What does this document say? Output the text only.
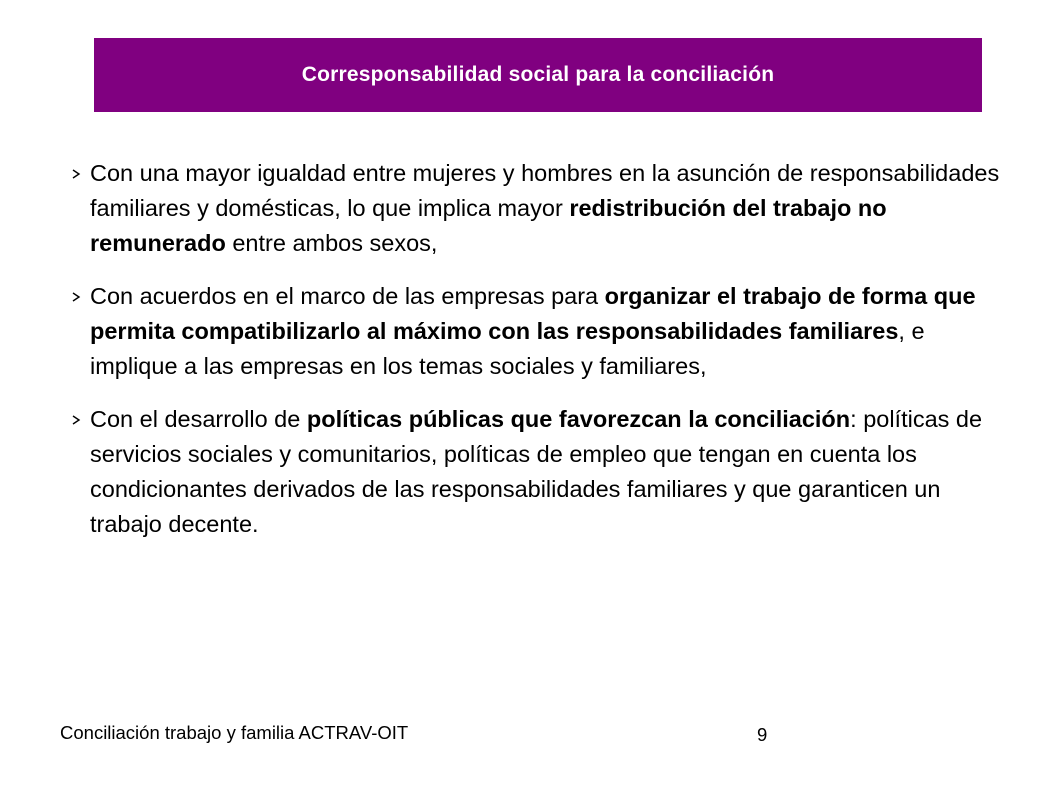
Corresponsabilidad social para la conciliación
Con una mayor igualdad entre mujeres y hombres en la asunción de responsabilidades familiares y domésticas, lo que implica mayor redistribución del trabajo no remunerado entre ambos sexos,
Con acuerdos en el marco de las empresas para organizar el trabajo de forma que permita compatibilizarlo al máximo con las responsabilidades familiares, e implique a las empresas en los temas sociales y familiares,
Con el desarrollo de políticas públicas que favorezcan la conciliación: políticas de servicios sociales y comunitarios, políticas de empleo que tengan en cuenta los condicionantes derivados de las responsabilidades familiares y que garanticen un trabajo decente.
Conciliación trabajo y familia ACTRAV-OIT	9
